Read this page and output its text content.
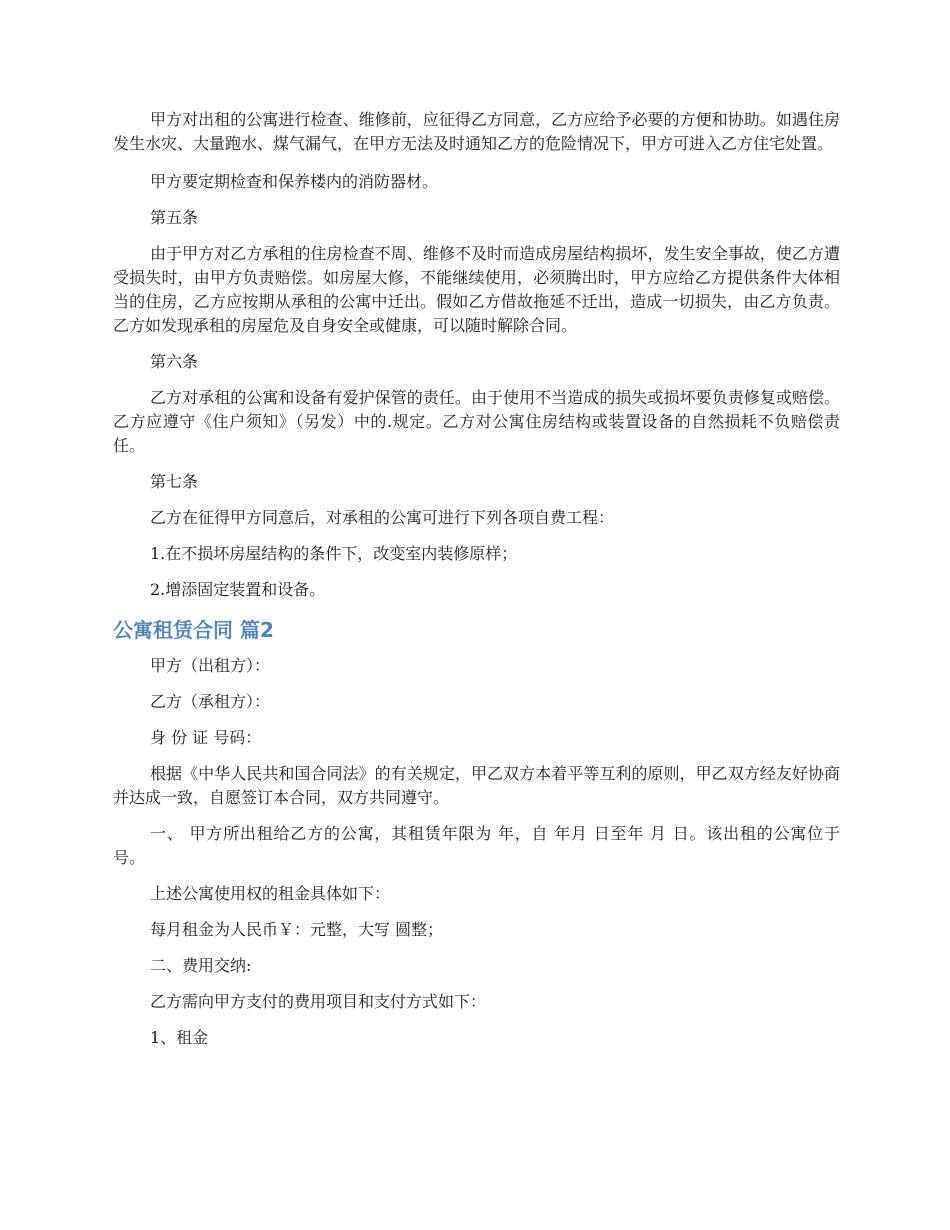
甲方对出租的公寓进行检查、维修前，应征得乙方同意，乙方应给予必要的方便和协助。如遇住房发生水灾、大量跑水、煤气漏气，在甲方无法及时通知乙方的危险情况下，甲方可进入乙方住宅处置。

甲方要定期检查和保养楼内的消防器材。

第五条

由于甲方对乙方承租的住房检查不周、维修不及时而造成房屋结构损坏，发生安全事故，使乙方遭受损失时，由甲方负责赔偿。如房屋大修，不能继续使用，必须腾出时，甲方应给乙方提供条件大体相当的住房，乙方应按期从承租的公寓中迁出。假如乙方借故拖延不迁出，造成一切损失，由乙方负责。乙方如发现承租的房屋危及自身安全或健康，可以随时解除合同。

第六条

乙方对承租的公寓和设备有爱护保管的责任。由于使用不当造成的损失或损坏要负责修复或赔偿。乙方应遵守《住户须知》（另发）中的.规定。乙方对公寓住房结构或装置设备的自然损耗不负赔偿责任。

第七条

乙方在征得甲方同意后，对承租的公寓可进行下列各项自费工程：

1.在不损坏房屋结构的条件下，改变室内装修原样；

2.增添固定装置和设备。

公寓租赁合同 篇2

甲方（出租方）：

乙方（承租方）：

身 份 证 号码：

根据《中华人民共和国合同法》的有关规定，甲乙双方本着平等互利的原则，甲乙双方经友好协商并达成一致，自愿签订本合同，双方共同遵守。

一、 甲方所出租给乙方的公寓，其租赁年限为 年，自 年月 日至年 月 日。该出租的公寓位于 号。

上述公寓使用权的租金具体如下：

每月租金为人民币￥：元整，大写 圆整；

二、费用交纳:

乙方需向甲方支付的费用项目和支付方式如下：

1、租金
